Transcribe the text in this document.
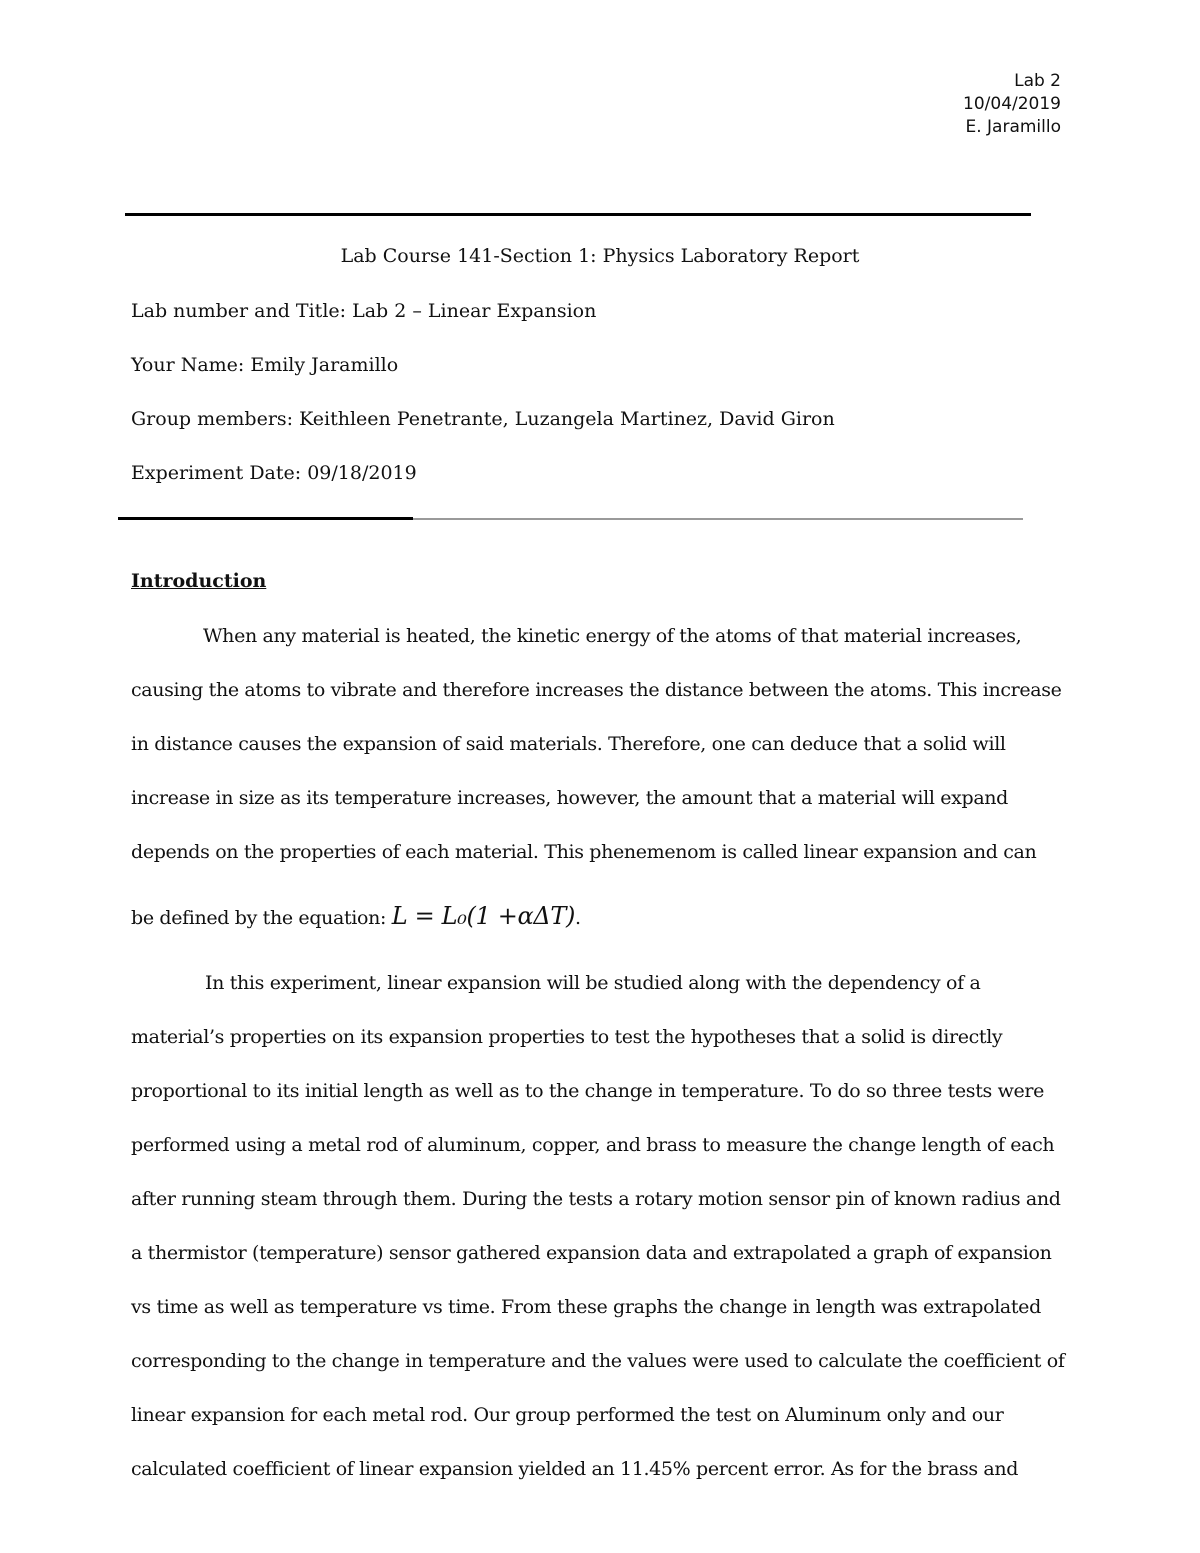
Lab 2
10/04/2019
E. Jaramillo
Lab Course 141-Section 1: Physics Laboratory Report
Lab number and Title: Lab 2 – Linear Expansion
Your Name: Emily Jaramillo
Group members: Keithleen Penetrante, Luzangela Martinez, David Giron
Experiment Date: 09/18/2019
Introduction
When any material is heated, the kinetic energy of the atoms of that material increases,
causing the atoms to vibrate and therefore increases the distance between the atoms. This increase
in distance causes the expansion of said materials. Therefore, one can deduce that a solid will
increase in size as its temperature increases, however, the amount that a material will expand
depends on the properties of each material. This phenemenom is called linear expansion and can
be defined by the equation: L = L₀(1 +αΔT).
In this experiment, linear expansion will be studied along with the dependency of a
material’s properties on its expansion properties to test the hypotheses that a solid is directly
proportional to its initial length as well as to the change in temperature. To do so three tests were
performed using a metal rod of aluminum, copper, and brass to measure the change length of each
after running steam through them. During the tests a rotary motion sensor pin of known radius and
a thermistor (temperature) sensor gathered expansion data and extrapolated a graph of expansion
vs time as well as temperature vs time. From these graphs the change in length was extrapolated
corresponding to the change in temperature and the values were used to calculate the coefficient of
linear expansion for each metal rod. Our group performed the test on Aluminum only and our
calculated coefficient of linear expansion yielded an 11.45% percent error. As for the brass and
